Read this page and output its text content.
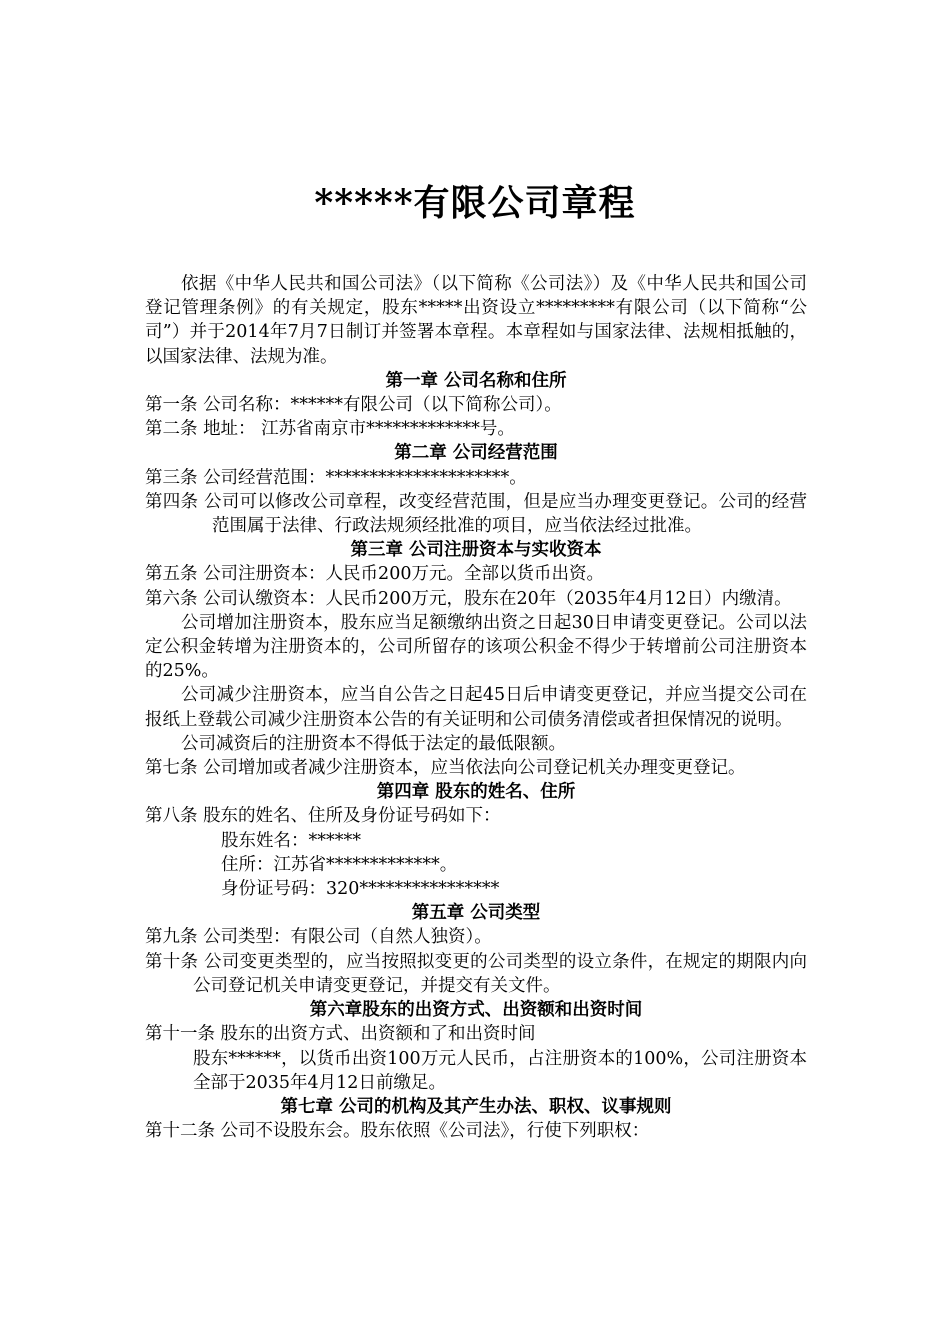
*****有限公司章程

依据《中华人民共和国公司法》（以下简称《公司法》）及《中华人民共和国公司登记管理条例》的有关规定，股东*****出资设立*********有限公司（以下简称“公司”）并于2014年7月7日制订并签署本章程。本章程如与国家法律、法规相抵触的，以国家法律、法规为准。

第一章 公司名称和住所

第一条 公司名称：******有限公司（以下简称公司）。

第二条 地址： 江苏省南京市*************号。

第二章 公司经营范围

第三条 公司经营范围：*********************。

第四条 公司可以修改公司章程，改变经营范围，但是应当办理变更登记。公司的经营范围属于法律、行政法规须经批准的项目，应当依法经过批准。

第三章 公司注册资本与实收资本

第五条 公司注册资本：人民币200万元。全部以货币出资。

第六条 公司认缴资本：人民币200万元，股东在20年（2035年4月12日）内缴清。

公司增加注册资本，股东应当足额缴纳出资之日起30日申请变更登记。公司以法定公积金转增为注册资本的，公司所留存的该项公积金不得少于转增前公司注册资本的25%。

公司减少注册资本，应当自公告之日起45日后申请变更登记，并应当提交公司在报纸上登载公司减少注册资本公告的有关证明和公司债务清偿或者担保情况的说明。

公司减资后的注册资本不得低于法定的最低限额。

第七条 公司增加或者减少注册资本，应当依法向公司登记机关办理变更登记。

第四章 股东的姓名、住所

第八条 股东的姓名、住所及身份证号码如下：

股东姓名：******

住所：江苏省*************。

身份证号码：320****************

第五章 公司类型

第九条 公司类型：有限公司（自然人独资）。

第十条 公司变更类型的，应当按照拟变更的公司类型的设立条件，在规定的期限内向公司登记机关申请变更登记，并提交有关文件。

第六章股东的出资方式、出资额和出资时间

第十一条 股东的出资方式、出资额和了和出资时间

股东******，以货币出资100万元人民币，占注册资本的100%，公司注册资本全部于2035年4月12日前缴足。

第七章 公司的机构及其产生办法、职权、议事规则

第十二条 公司不设股东会。股东依照《公司法》，行使下列职权：
